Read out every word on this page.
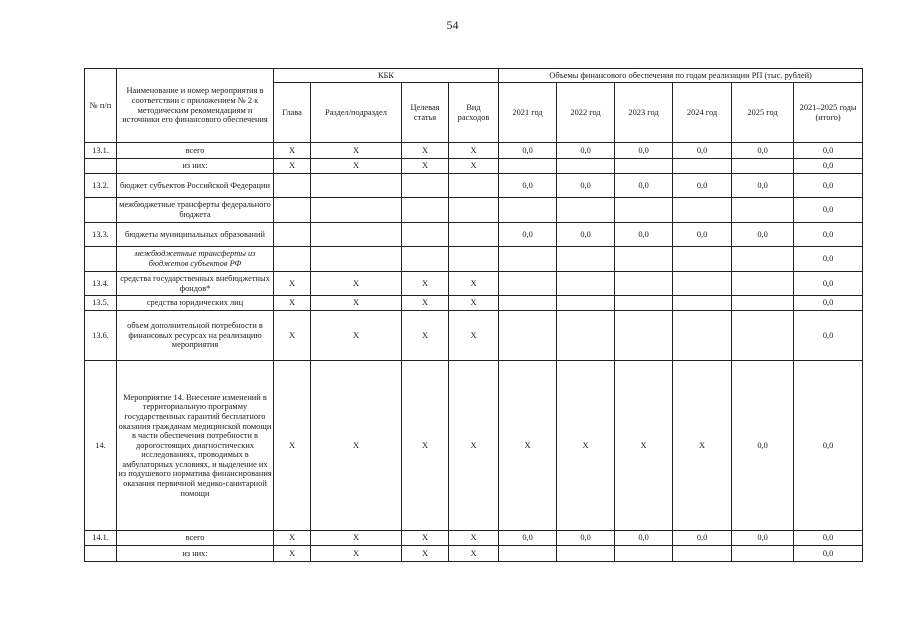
54
№ п/п	Наименование и номер мероприятия в соответствии с приложением № 2 к методическим рекомендациям и источники его финансового обеспечения	КБК				Объемы финансового обеспечения по годам реализации РП (тыс. рублей)					
		Глава	Раздел/подраздел	Целевая статья	Вид расходов	2021 год	2022 год	2023 год	2024 год	2025 год	2021–2025 годы (итого)
13.1.	всего	X	X	X	X	0,0	0,0	0,0	0,0	0,0	0,0
	из них:	X	X	X	X						0,0
13.2.	бюджет субъектов Российской Федерации					0,0	0,0	0,0	0,0	0,0	0,0
	межбюджетные трансферты федерального бюджета										0,0
13.3.	бюджеты муниципальных образований					0,0	0,0	0,0	0,0	0,0	0,0
	межбюджетные трансферты из бюджетов субъектов РФ										0,0
13.4.	средства государственных внебюджетных фондов*	X	X	X	X						0,0
13.5.	средства юридических лиц	X	X	X	X						0,0
13.6.	объем дополнительной потребности в финансовых ресурсах на реализацию мероприятия	X	X	X	X						0,0
14.	Мероприятие 14. Внесение изменений в территориальную программу государственных гарантий бесплатного оказания гражданам медицинской помощи в части обеспечения потребности в дорогостоящих диагностических исследованиях, проводимых в амбулаторных условиях, и выделение их из подушевого норматива финансирования оказания первичной медико-санитарной помощи	X	X	X	X	X	X	X	X	0,0	0,0
14.1.	всего	X	X	X	X	0,0	0,0	0,0	0,0	0,0	0,0
	из них:	X	X	X	X						0,0
